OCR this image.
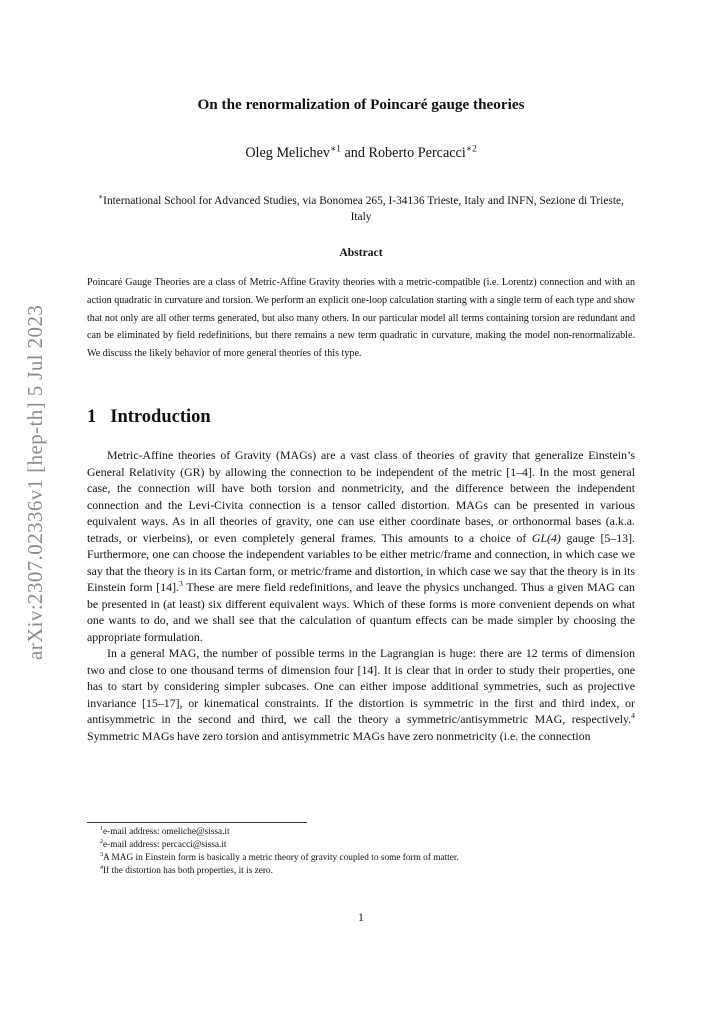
arXiv:2307.02336v1 [hep-th] 5 Jul 2023
On the renormalization of Poincaré gauge theories
Oleg Melichev$^{∗1}$ and Roberto Percacci$^{∗2}$
∗International School for Advanced Studies, via Bonomea 265, I-34136 Trieste, Italy and INFN, Sezione di Trieste, Italy
Abstract
Poincaré Gauge Theories are a class of Metric-Affine Gravity theories with a metric-compatible (i.e. Lorentz) connection and with an action quadratic in curvature and torsion. We perform an explicit one-loop calculation starting with a single term of each type and show that not only are all other terms generated, but also many others. In our particular model all terms containing torsion are redundant and can be eliminated by field redefinitions, but there remains a new term quadratic in curvature, making the model non-renormalizable. We discuss the likely behavior of more general theories of this type.
1 Introduction

Metric-Affine theories of Gravity (MAGs) are a vast class of theories of gravity that generalize Einstein’s General Relativity (GR) by allowing the connection to be independent of the metric [1–4]. In the most general case, the connection will have both torsion and nonmetricity, and the difference between the independent connection and the Levi-Civita connection is a tensor called distortion. MAGs can be presented in various equivalent ways. As in all theories of gravity, one can use either coordinate bases, or orthonormal bases (a.k.a. tetrads, or vierbeins), or even completely general frames. This amounts to a choice of GL(4) gauge [5–13]. Furthermore, one can choose the independent variables to be either metric/frame and connection, in which case we say that the theory is in its Cartan form, or metric/frame and distortion, in which case we say that the theory is in its Einstein form [14].$^3$ These are mere field redefinitions, and leave the physics unchanged. Thus a given MAG can be presented in (at least) six different equivalent ways. Which of these forms is more convenient depends on what one wants to do, and we shall see that the calculation of quantum effects can be made simpler by choosing the appropriate formulation.

In a general MAG, the number of possible terms in the Lagrangian is huge: there are 12 terms of dimension two and close to one thousand terms of dimension four [14]. It is clear that in order to study their properties, one has to start by considering simpler subcases. One can either impose additional symmetries, such as projective invariance [15–17], or kinematical constraints. If the distortion is symmetric in the first and third index, or antisymmetric in the second and third, we call the theory a symmetric/antisymmetric MAG, respectively.$^4$ Symmetric MAGs have zero torsion and antisymmetric MAGs have zero nonmetricity (i.e. the connection

$^1$e-mail address: omeliche@sissa.it
$^2$e-mail address: percacci@sissa.it
$^3$A MAG in Einstein form is basically a metric theory of gravity coupled to some form of matter.
$^4$If the distortion has both properties, it is zero.
1
